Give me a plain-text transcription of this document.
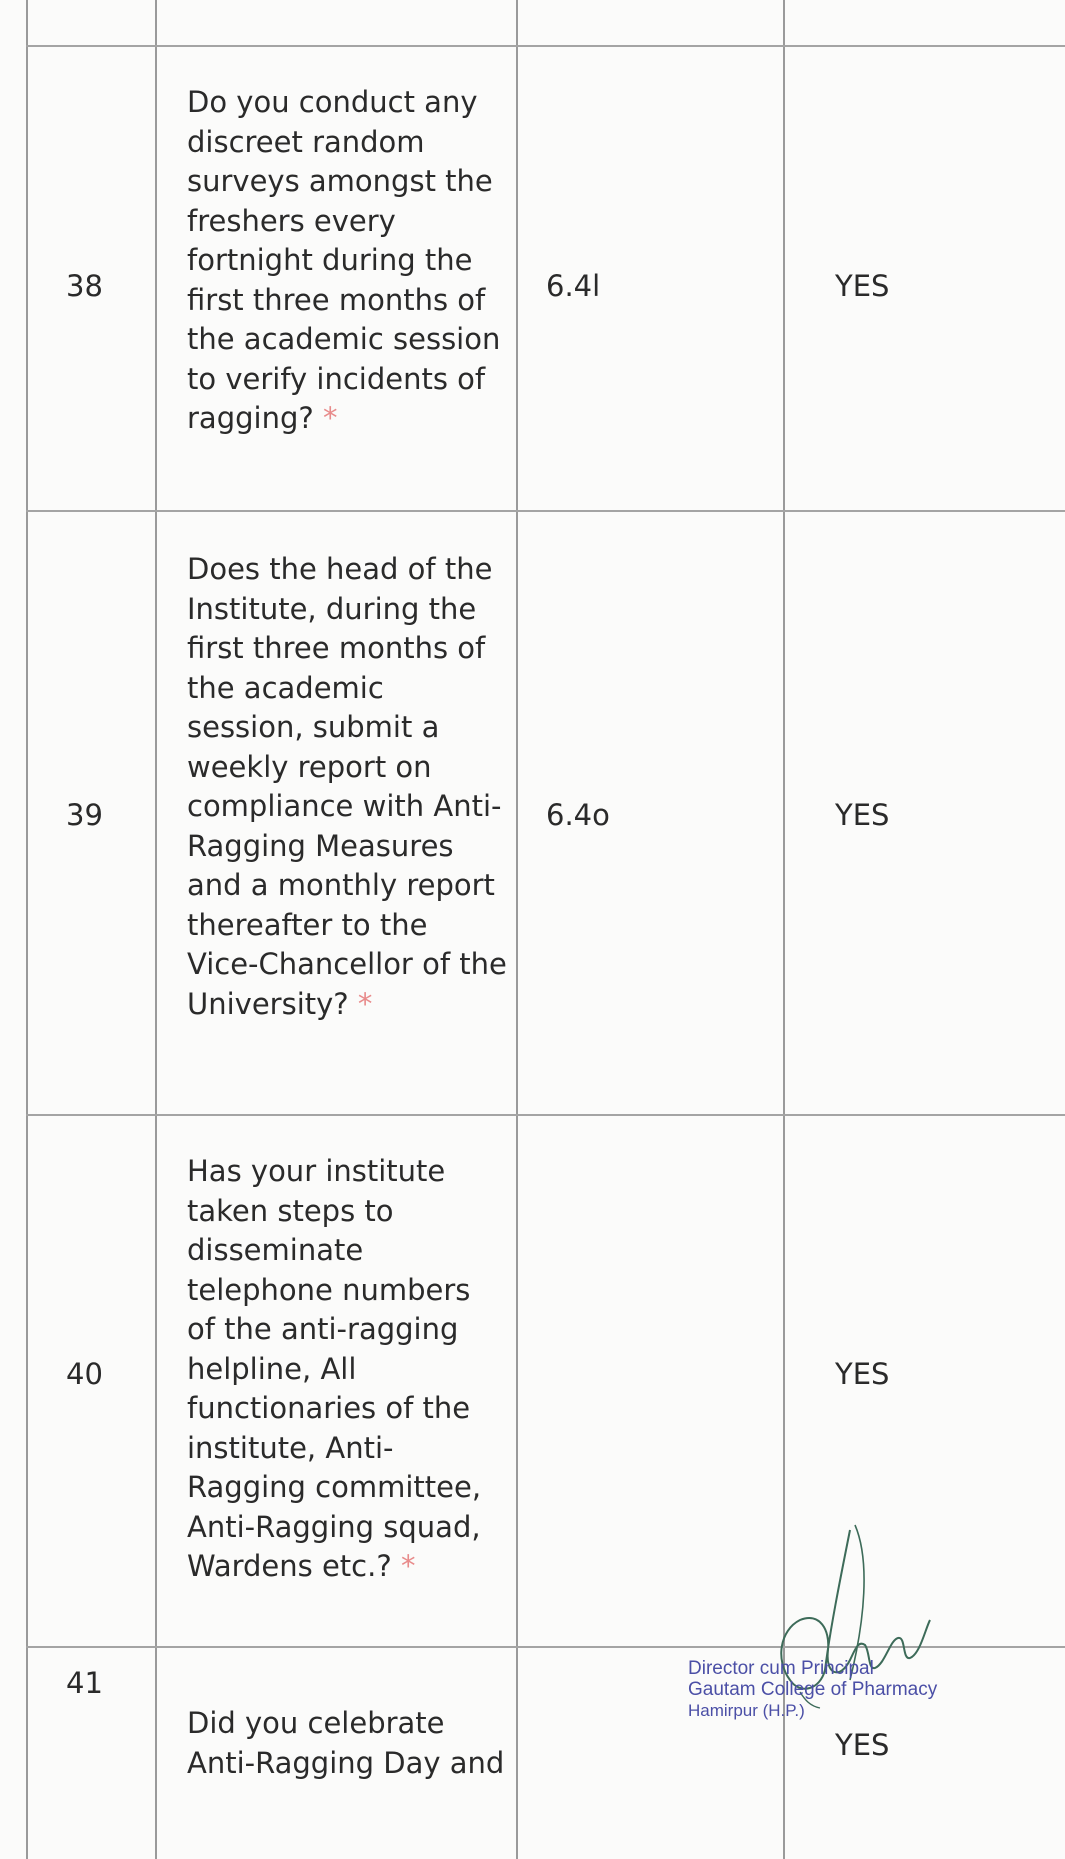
38
Do you conduct any discreet random surveys amongst the freshers every fortnight during the first three months of the academic session to verify incidents of ragging? *
6.4l	YES
39
Does the head of the Institute, during the first three months of the academic session, submit a weekly report on compliance with Anti-Ragging Measures and a monthly report thereafter to the Vice-Chancellor of the University? *
6.4o	YES
40
Has your institute taken steps to disseminate telephone numbers of the anti-ragging helpline, All functionaries of the institute, Anti-Ragging committee, Anti-Ragging squad, Wardens etc.? *
YES
41
Did you celebrate Anti-Ragging Day and
YES
Director cum Principal
Gautam College of Pharmacy
Hamirpur (H.P.)
